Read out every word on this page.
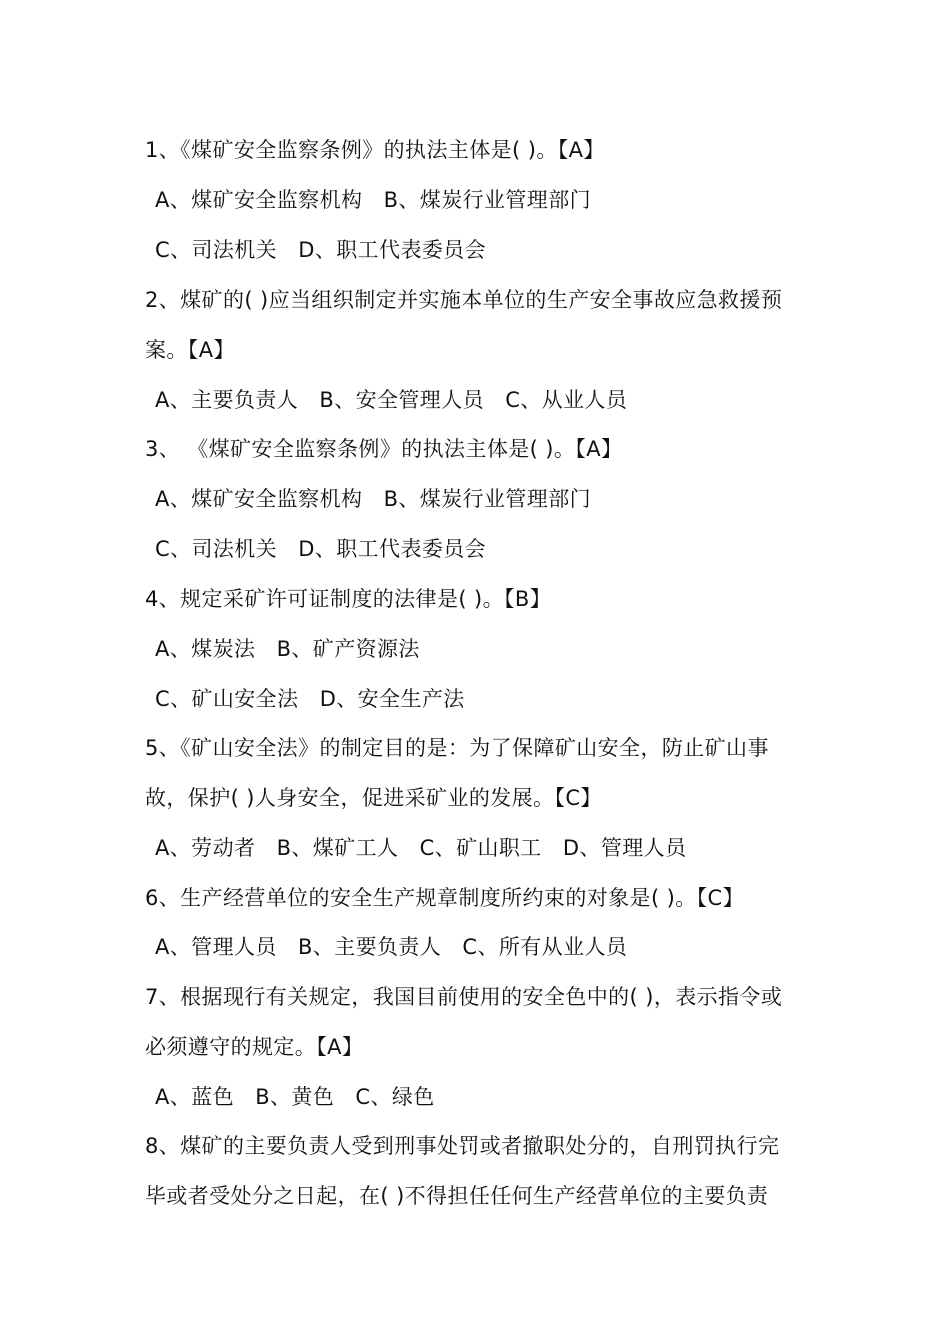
1、《煤矿安全监察条例》的执法主体是( )。【A】
A、煤矿安全监察机构   B、煤炭行业管理部门
C、司法机关   D、职工代表委员会
2、煤矿的( )应当组织制定并实施本单位的生产安全事故应急救援预
案。【A】
A、主要负责人   B、安全管理人员   C、从业人员
3、 《煤矿安全监察条例》的执法主体是( )。【A】
A、煤矿安全监察机构   B、煤炭行业管理部门
C、司法机关   D、职工代表委员会
4、规定采矿许可证制度的法律是( )。【B】
A、煤炭法   B、矿产资源法
C、矿山安全法   D、安全生产法
5、《矿山安全法》的制定目的是：为了保障矿山安全，防止矿山事
故，保护( )人身安全，促进采矿业的发展。【C】
A、劳动者   B、煤矿工人   C、矿山职工   D、管理人员
6、生产经营单位的安全生产规章制度所约束的对象是( )。【C】
A、管理人员   B、主要负责人   C、所有从业人员
7、根据现行有关规定，我国目前使用的安全色中的( )，表示指令或
必须遵守的规定。【A】
A、蓝色   B、黄色   C、绿色
8、煤矿的主要负责人受到刑事处罚或者撤职处分的，自刑罚执行完
毕或者受处分之日起，在( )不得担任任何生产经营单位的主要负责
